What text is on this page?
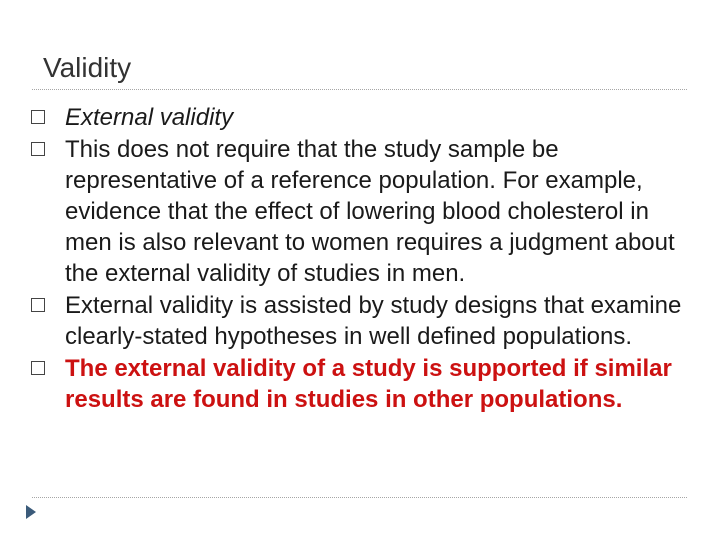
Validity
External validity
This does not require that the study sample be representative of a reference population. For example, evidence that the effect of lowering blood cholesterol in men is also relevant to women requires a judgment about the external validity of studies in men.
External validity is assisted by study designs that examine clearly-stated hypotheses in well defined populations.
The external validity of a study is supported if similar results are found in studies in other populations.
